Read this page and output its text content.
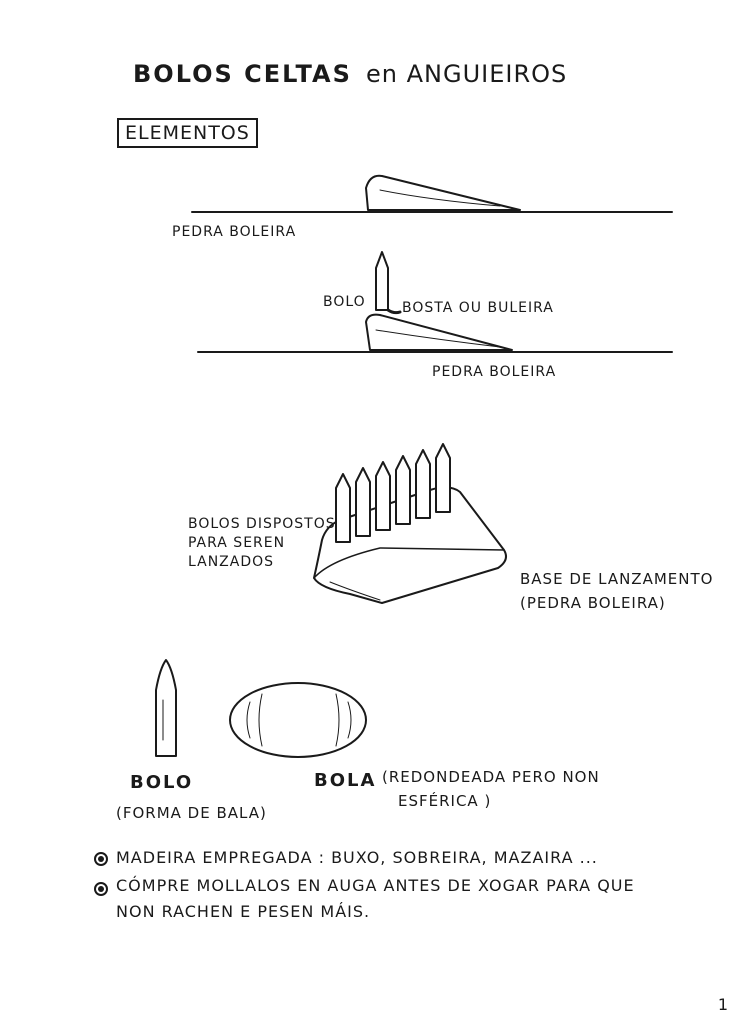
BOLOS CELTAS en ANGUIEIROS
ELEMENTOS
PEDRA BOLEIRA
BOLO	BOSTA OU BULEIRA
PEDRA BOLEIRA
BOLOS DISPOSTOS
PARA SEREN
LANZADOS
BASE DE LANZAMENTO
(PEDRA BOLEIRA)
BOLO
(FORMA DE BALA)
BOLA (REDONDEADA PERO NON
ESFÉRICA )
MADEIRA EMPREGADA : BUXO, SOBREIRA, MAZAIRA ...
CÓMPRE MOLLALOS EN AUGA ANTES DE XOGAR PARA QUE
NON RACHEN E PESEN MÁIS.
1
